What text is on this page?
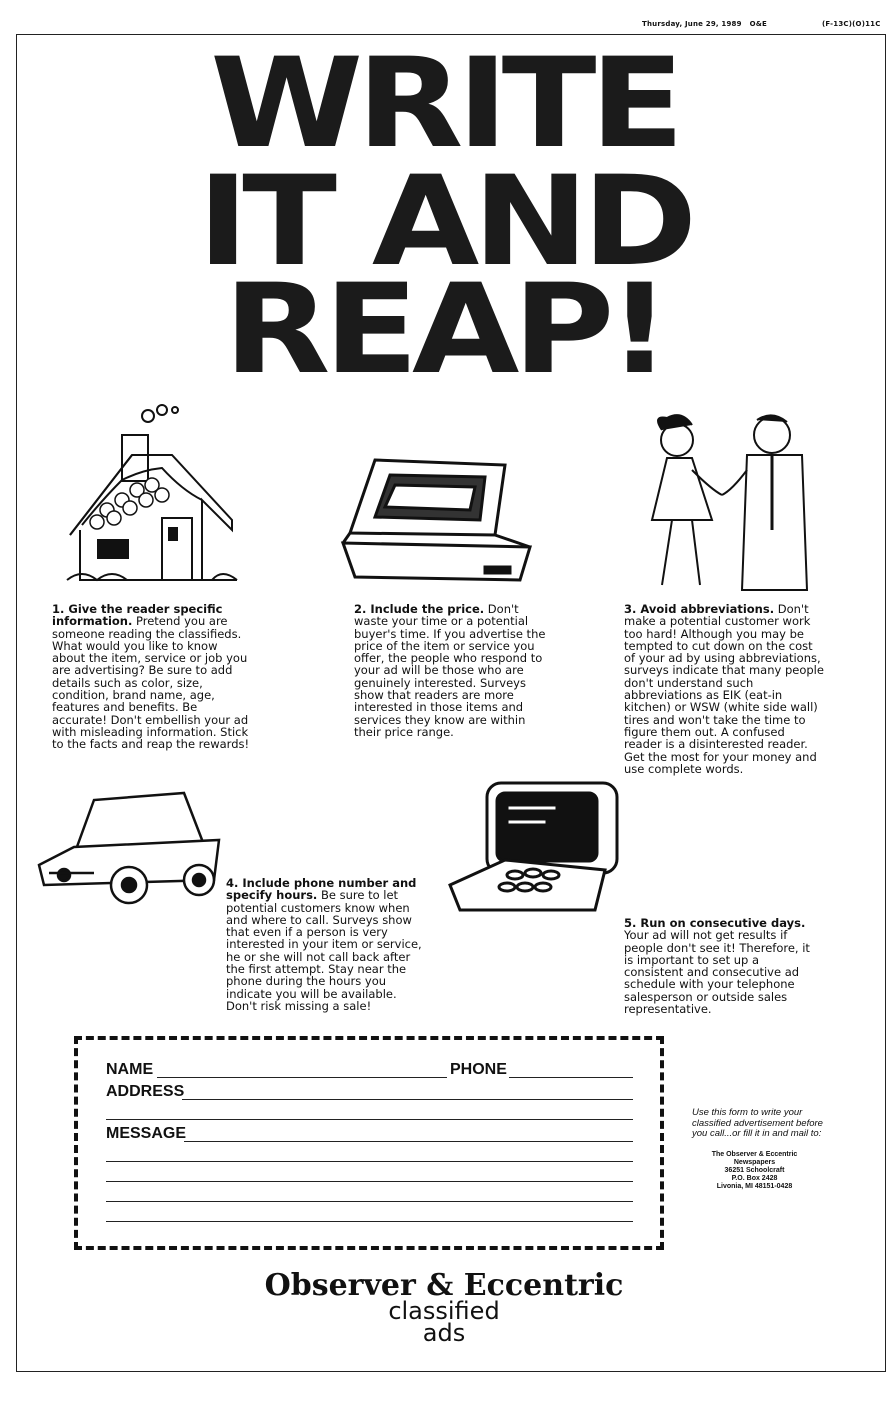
Thursday, June 29, 1989 O&E	(F-13C)(O)11C
WRITE
IT AND
REAP!
1. Give the reader specific information. Pretend you are someone reading the classifieds. What would you like to know about the item, service or job you are advertising? Be sure to add details such as color, size, condition, brand name, age, features and benefits. Be accurate! Don't embellish your ad with misleading information. Stick to the facts and reap the rewards!
2. Include the price. Don't waste your time or a potential buyer's time. If you advertise the price of the item or service you offer, the people who respond to your ad will be those who are genuinely interested. Surveys show that readers are more interested in those items and services they know are within their price range.
3. Avoid abbreviations. Don't make a potential customer work too hard! Although you may be tempted to cut down on the cost of your ad by using abbreviations, surveys indicate that many people don't understand such abbreviations as EIK (eat-in kitchen) or WSW (white side wall) tires and won't take the time to figure them out. A confused reader is a disinterested reader. Get the most for your money and use complete words.
4. Include phone number and specify hours. Be sure to let potential customers know when and where to call. Surveys show that even if a person is very interested in your item or service, he or she will not call back after the first attempt. Stay near the phone during the hours you indicate you will be available. Don't risk missing a sale!
5. Run on consecutive days. Your ad will not get results if people don't see it! Therefore, it is important to set up a consistent and consecutive ad schedule with your telephone salesperson or outside sales representative.
NAME	PHONE
ADDRESS
MESSAGE
Use this form to write your classified advertisement before you call...or fill it in and mail to:
The Observer & Eccentric
Newspapers
36251 Schoolcraft
P.O. Box 2428
Livonia, MI 48151-0428
Observer & Eccentric
classified
ads
